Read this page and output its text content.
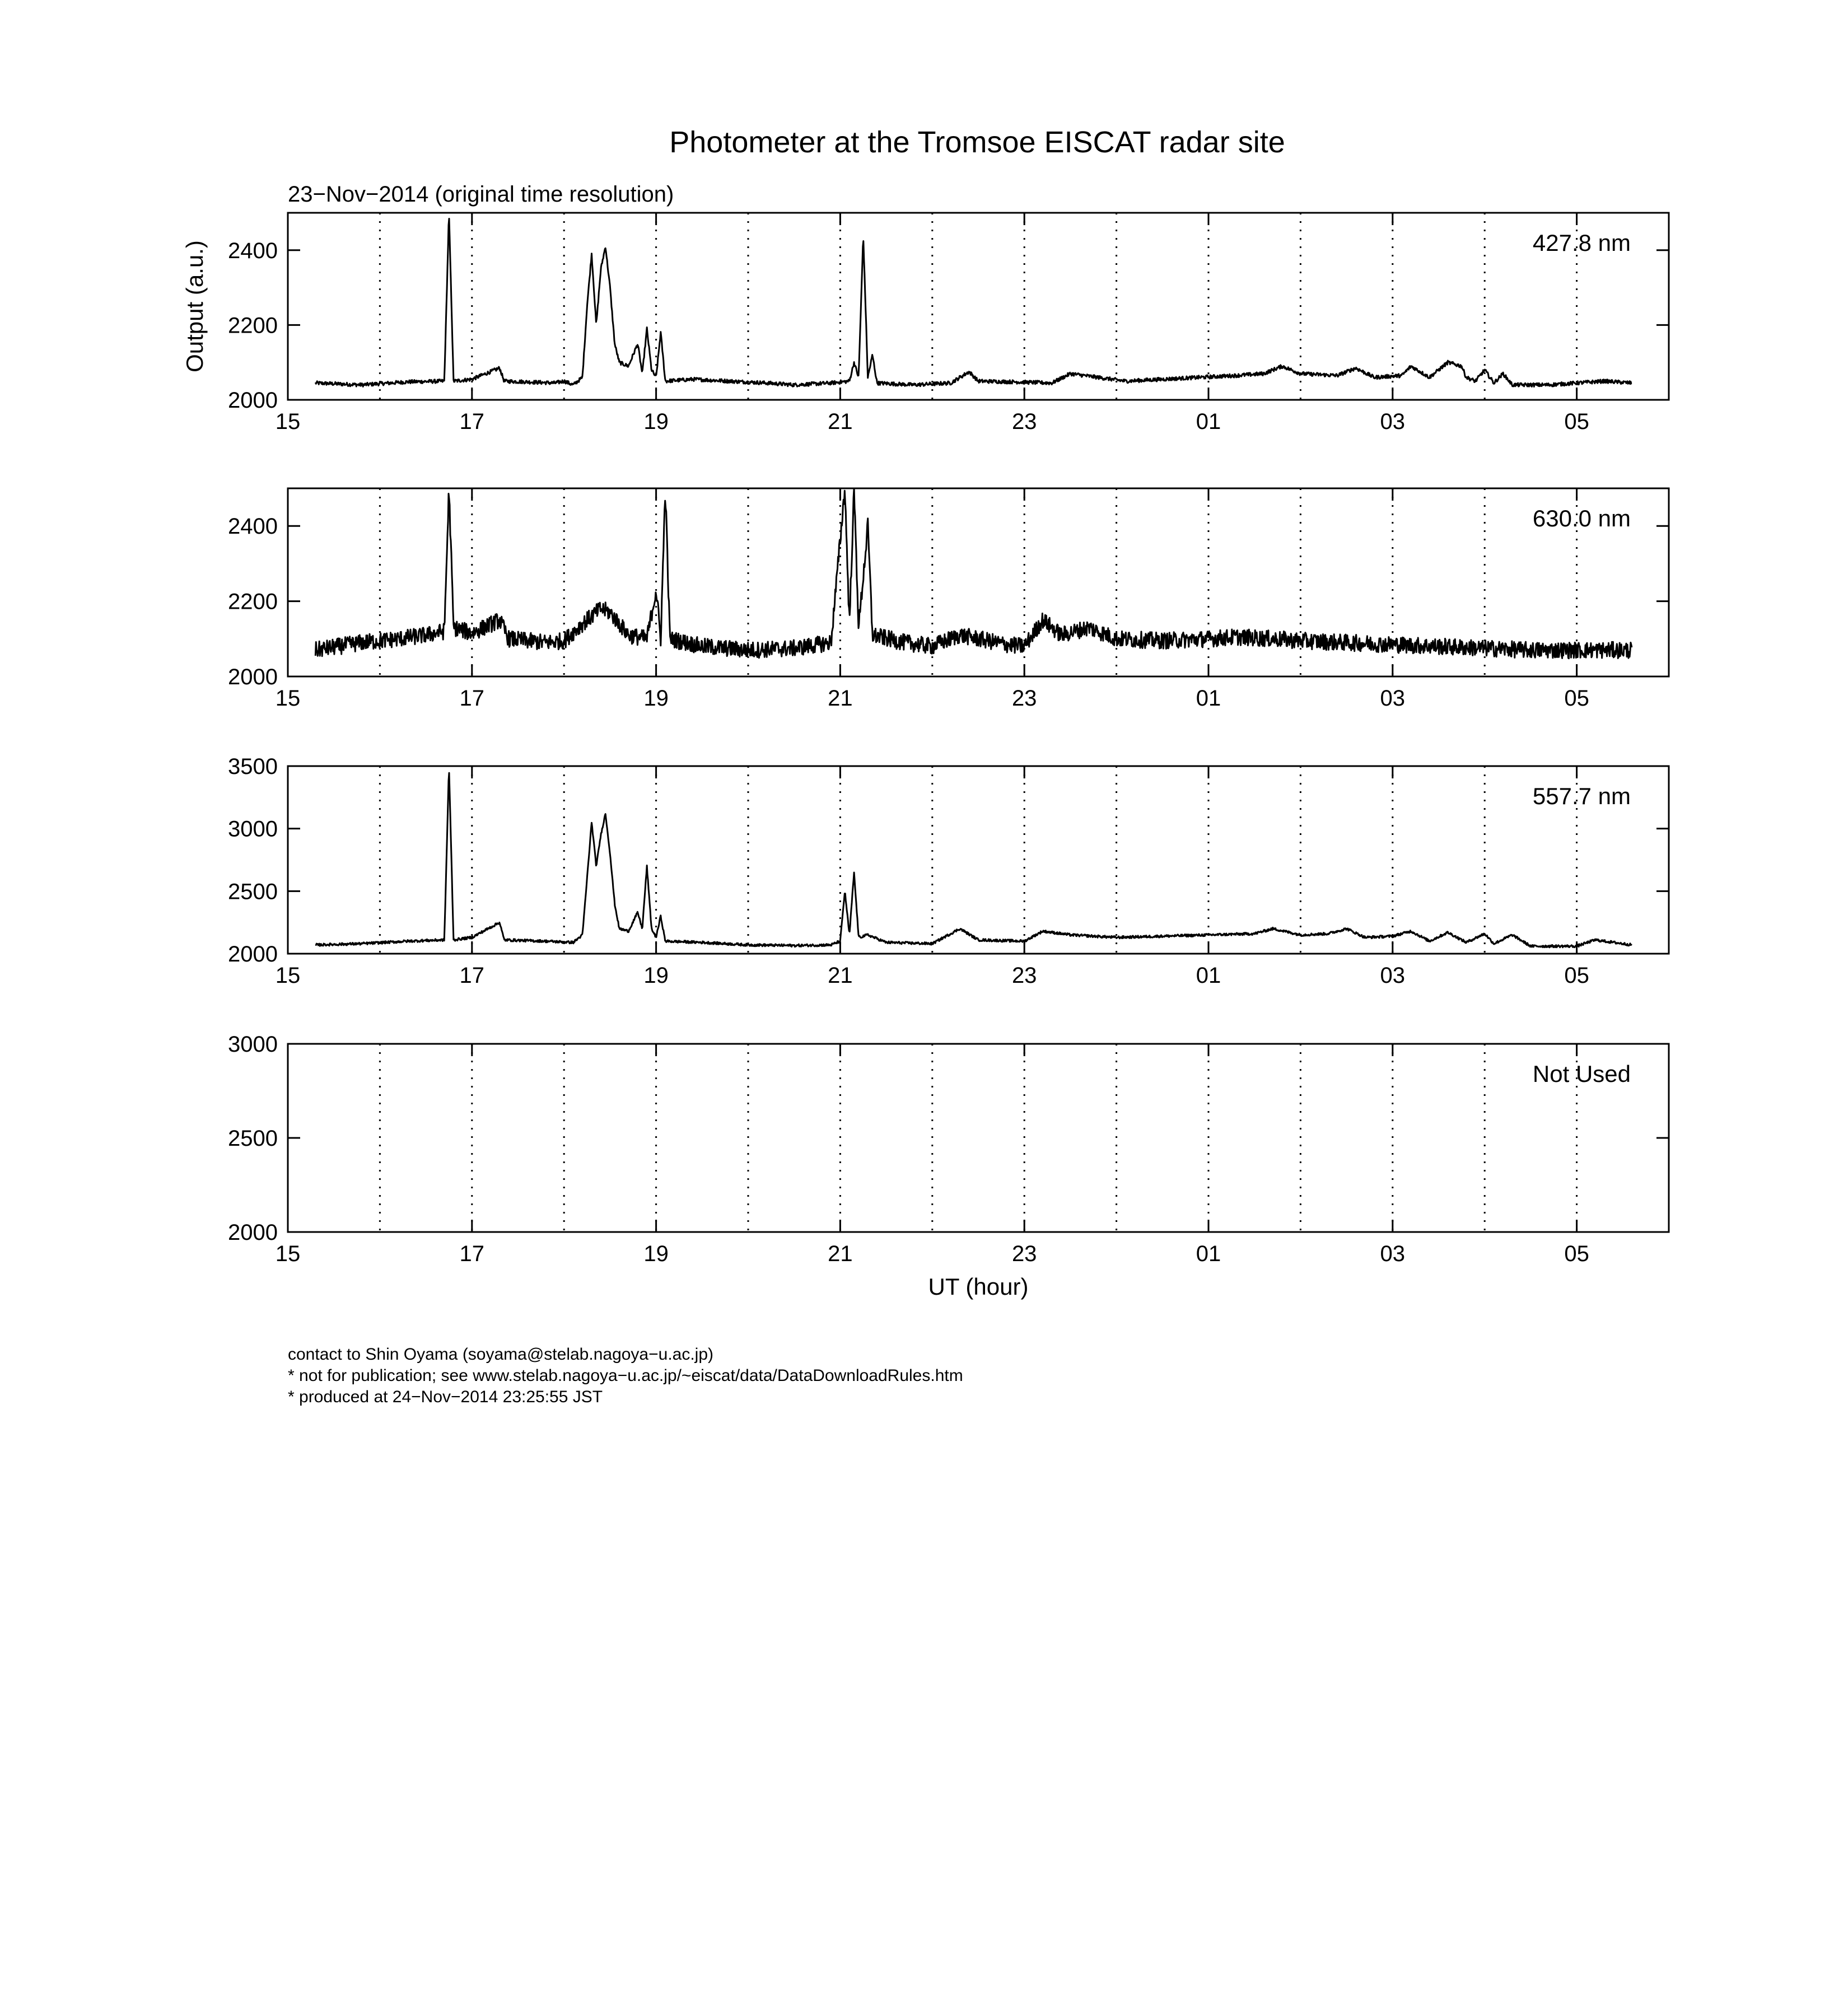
Photometer at the Tromsoe EISCAT radar site
23−Nov−2014 (original time resolution)
2000
2200
2400
15	17	19	21	23	01	03	05
427.8 nm
Output (a.u.)
2000
2200
2400
15	17	19	21	23	01	03	05
630.0 nm
2000
2500
3000
3500
15	17	19	21	23	01	03	05
557.7 nm
2000
2500
3000
15	17	19	21	23	01	03	05
Not Used
UT (hour)
contact to Shin Oyama (soyama@stelab.nagoya−u.ac.jp)
* not for publication; see www.stelab.nagoya−u.ac.jp/~eiscat/data/DataDownloadRules.htm
* produced at 24−Nov−2014 23:25:55 JST
